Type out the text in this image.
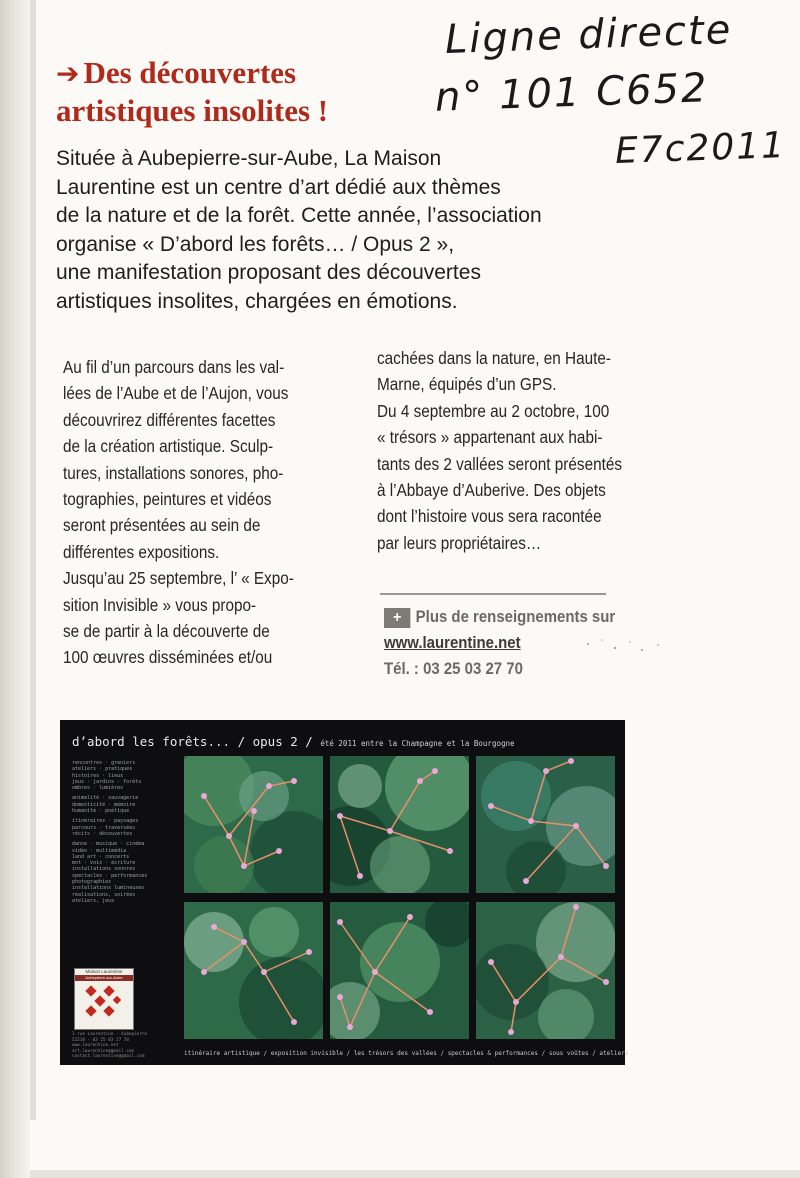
Ligne directe
n° 101 C652
E7c2011
➔ Des découvertes
artistiques insolites !

Située à Aubepierre-sur-Aube, La Maison

Laurentine est un centre d’art dédié aux thèmes

de la nature et de la forêt. Cette année, l’association

organise « D’abord les forêts… / Opus 2 »,

une manifestation proposant des découvertes

artistiques insolites, chargées en émotions.

Au fil d’un parcours dans les val-

lées de l’Aube et de l’Aujon, vous

découvrirez différentes facettes

de la création artistique. Sculp-

tures, installations sonores, pho-

tographies, peintures et vidéos

seront présentées au sein de

différentes expositions.

Jusqu’au 25 septembre, l’ « Expo-

sition Invisible » vous propo-

se de partir à la découverte de

100 œuvres disséminées et/ou

cachées dans la nature, en Haute-

Marne, équipés d’un GPS.

Du 4 septembre au 2 octobre, 100

« trésors » appartenant aux habi-

tants des 2 vallées seront présentés

à l’Abbaye d’Auberive. Des objets

dont l’histoire vous sera racontée

par leurs propriétaires…

+ Plus de renseignements sur
www.laurentine.net
Tél. : 03 25 03 27 70
d’abord les forêts... / opus 2 / été 2011 entre la Champagne et la Bourgogne
rencontres · greniers
ateliers · pratiques
histoires · lieux
jeux · jardins · forêts
ombres · lumières
animalité · sauvagerie
domesticité · mémoire
humanité · poétique
itinéraires · paysages
parcours · traversées
récits · découvertes
danse · musique · cinéma
vidéo · multimédia
land art · concerts
mot · voix · écriture
installations sonores
spectacles · performances
photographies
installations lumineuses
réalisations, soirées
ateliers, jeux
Maison Laurentine
Aubepierre-sur-Aube
1 rue Laurentine · Aubepierre
52210 · 03 25 03 27 70
www.laurentine.net
art.laurentine@gmail.com
contact.laurentine@gmail.com	itinéraire artistique / exposition invisible / les trésors des vallées / spectacles & performances / sous voûtes / ateliers
